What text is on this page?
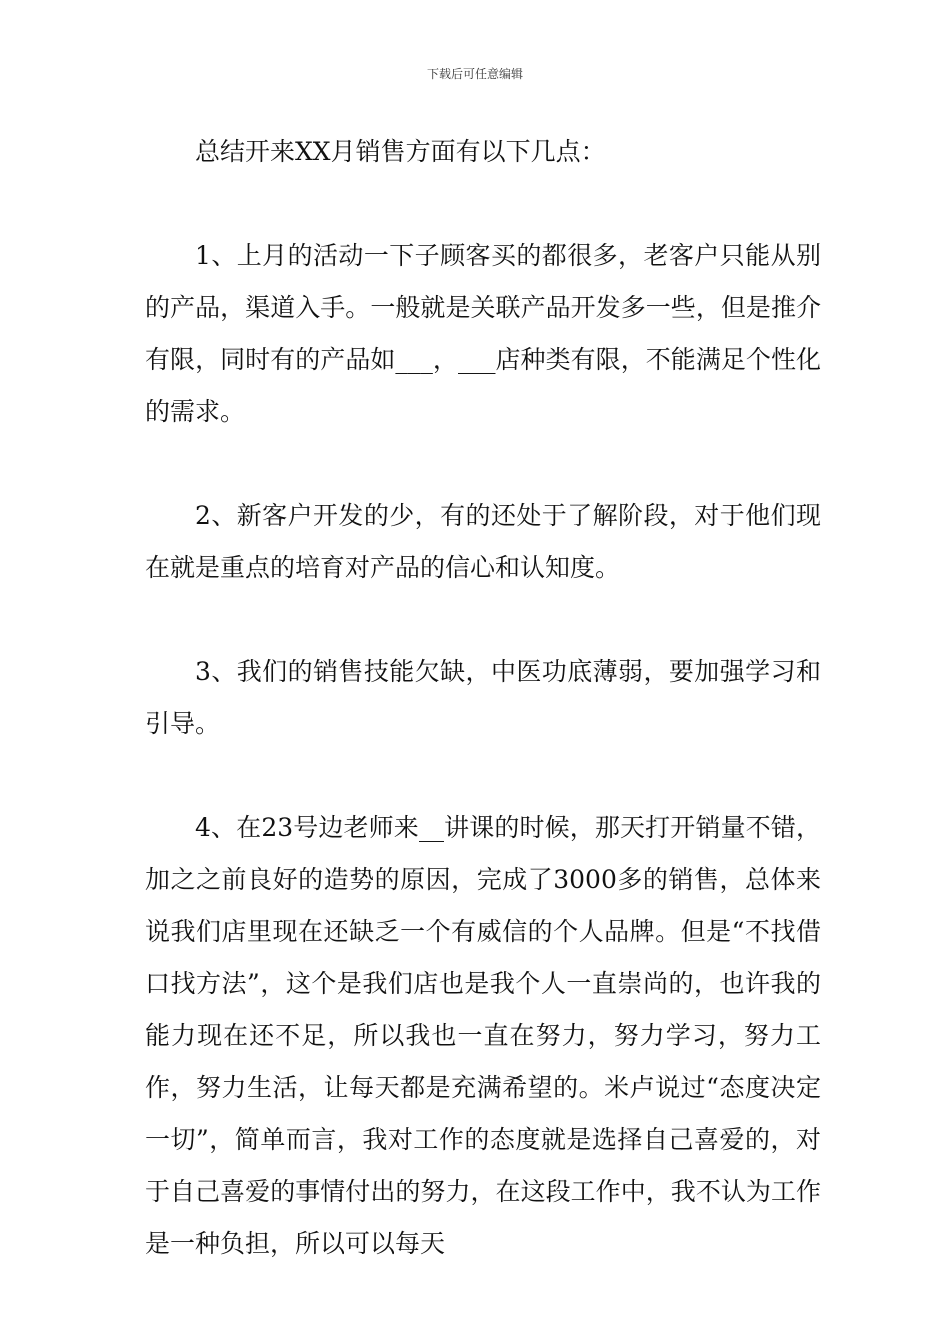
下载后可任意编辑

总结开来XX月销售方面有以下几点：

1、上月的活动一下子顾客买的都很多，老客户只能从别的产品，渠道入手。一般就是关联产品开发多一些，但是推介有限，同时有的产品如___，___店种类有限，不能满足个性化的需求。

2、新客户开发的少，有的还处于了解阶段，对于他们现在就是重点的培育对产品的信心和认知度。

3、我们的销售技能欠缺，中医功底薄弱，要加强学习和引导。

4、在23号边老师来__讲课的时候，那天打开销量不错，加之之前良好的造势的原因，完成了3000多的销售，总体来说我们店里现在还缺乏一个有威信的个人品牌。但是“不找借口找方法”，这个是我们店也是我个人一直崇尚的，也许我的能力现在还不足，所以我也一直在努力，努力学习，努力工作，努力生活，让每天都是充满希望的。米卢说过“态度决定一切”，简单而言，我对工作的态度就是选择自己喜爱的，对于自己喜爱的事情付出的努力，在这段工作中，我不认为工作是一种负担，所以可以每天
